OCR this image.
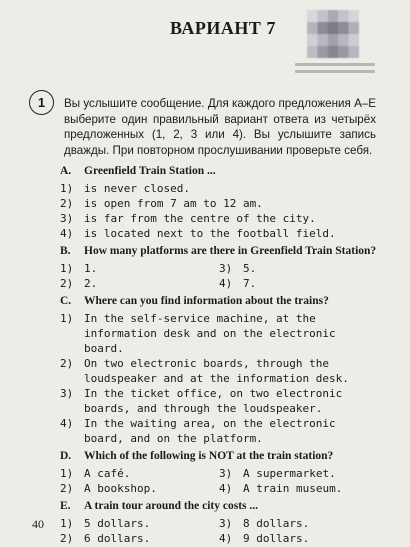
ВАРИАНТ 7
1	Вы услышите сообщение. Для каждого предложения А–Е выберите один правильный вариант ответа из четырёх предложенных (1, 2, 3 или 4). Вы услышите запись дважды. При повторном прослушивании проверьте себя.
A.	Greenfield Train Station ...
1) is never closed.
2) is open from 7 am to 12 am.
3) is far from the centre of the city.
4) is located next to the football field.
B.	How many platforms are there in Greenfield Train Station?
1) 1.	3) 5.
2) 2.	4) 7.
C.	Where can you find information about the trains?
1) In the self-service machine, at the information desk and on the electronic board.
2) On two electronic boards, through the loudspeaker and at the information desk.
3) In the ticket office, on two electronic boards, and through the loudspeaker.
4) In the waiting area, on the electronic board, and on the platform.
D.	Which of the following is NOT at the train station?
1) A café.	3) A supermarket.
2) A bookshop.	4) A train museum.
E.	A train tour around the city costs ...
1) 5 dollars.	3) 8 dollars.
2) 6 dollars.	4) 9 dollars.
40
